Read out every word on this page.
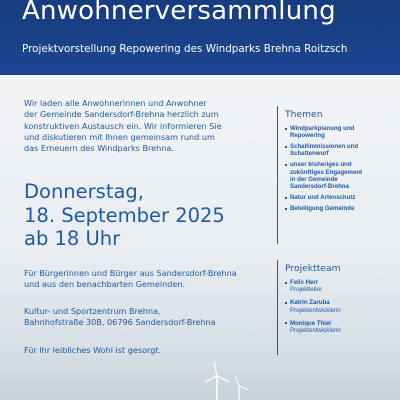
Anwohnerversammlung
Projektvorstellung Repowering des Windparks Brehna Roitzsch
Wir laden alle Anwohnerinnen und Anwohner
der Gemeinde Sandersdorf-Brehna herzlich zum
konstruktiven Austausch ein. Wir informieren Sie
und diskutieren mit Ihnen gemeinsam rund um
das Erneuern des Windparks Brehna.
Donnerstag,
18. September 2025
ab 18 Uhr
Für Bürgerinnen und Bürger aus Sandersdorf-Brehna
und aus den benachbarten Gemeinden.
Kultur- und Sportzentrum Brehna,
Bahnhofstraße 30B, 06796 Sandersdorf-Brehna
Für Ihr leibliches Wohl ist gesorgt.
Themen
Windparkplanung und
Repowering
Schallimmissionen und
Schattenwurf
unser bisheriges und
zukünftiges Engagement
in der Gemeinde
Sandersdorf-Brehna
Natur und Artenschutz
Beteiligung Gemeinde
Projektteam
Felix Herr
Projektleiter
Katrin Zaruba
Projektentwicklerin
Monique Thiel
Projektentwicklerin
